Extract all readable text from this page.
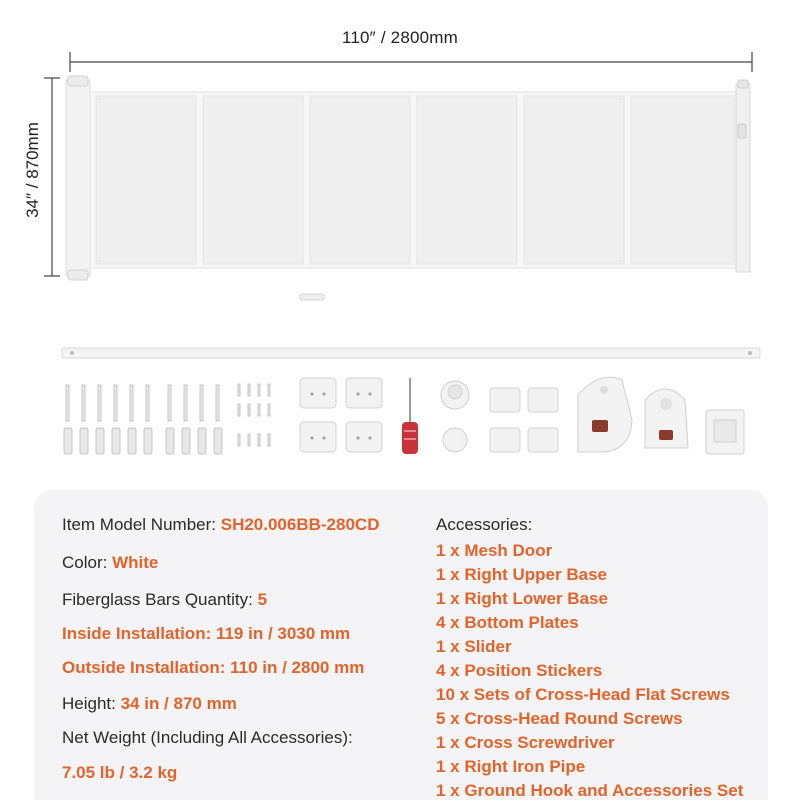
110″ / 2800mm
34″ / 870mm
Item Model Number: SH20.006BB-280CD
Color: White
Fiberglass Bars Quantity: 5
Inside Installation: 119 in / 3030 mm
Outside Installation: 110 in / 2800 mm
Height: 34 in / 870 mm
Net Weight (Including All Accessories):
7.05 lb / 3.2 kg
Accessories:
1 x Mesh Door
1 x Right Upper Base
1 x Right Lower Base
4 x Bottom Plates
1 x Slider
4 x Position Stickers
10 x Sets of Cross-Head Flat Screws
5 x Cross-Head Round Screws
1 x Cross Screwdriver
1 x Right Iron Pipe
1 x Ground Hook and Accessories Set
